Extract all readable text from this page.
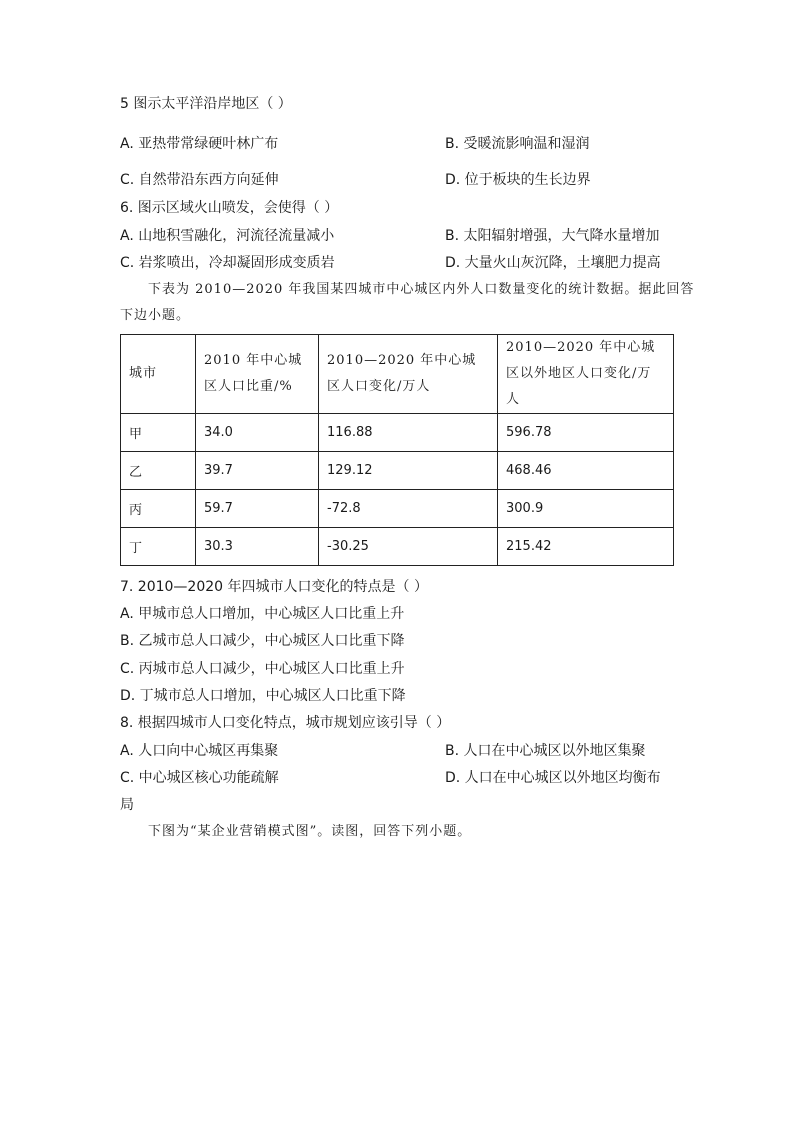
5 图示太平洋沿岸地区（ ）
A. 亚热带常绿硬叶林广布	B. 受暖流影响温和湿润
C. 自然带沿东西方向延伸	D. 位于板块的生长边界
6. 图示区域火山喷发，会使得（ ）
A. 山地积雪融化，河流径流量减小	B. 太阳辐射增强，大气降水量增加
C. 岩浆喷出，冷却凝固形成变质岩	D. 大量火山灰沉降，土壤肥力提高
下表为 2010—2020 年我国某四城市中心城区内外人口数量变化的统计数据。据此回答
下边小题。
城市	2010 年中心城区人口比重/%	2010—2020 年中心城区人口变化/万人	2010—2020 年中心城区以外地区人口变化/万人
甲	34.0	116.88	596.78
乙	39.7	129.12	468.46
丙	59.7	-72.8	300.9
丁	30.3	-30.25	215.42
7. 2010—2020 年四城市人口变化的特点是（ ）
A. 甲城市总人口增加，中心城区人口比重上升
B. 乙城市总人口减少，中心城区人口比重下降
C. 丙城市总人口减少，中心城区人口比重上升
D. 丁城市总人口增加，中心城区人口比重下降
8. 根据四城市人口变化特点，城市规划应该引导（ ）
A. 人口向中心城区再集聚	B. 人口在中心城区以外地区集聚
C. 中心城区核心功能疏解	D. 人口在中心城区以外地区均衡布
局
下图为“某企业营销模式图”。读图，回答下列小题。
